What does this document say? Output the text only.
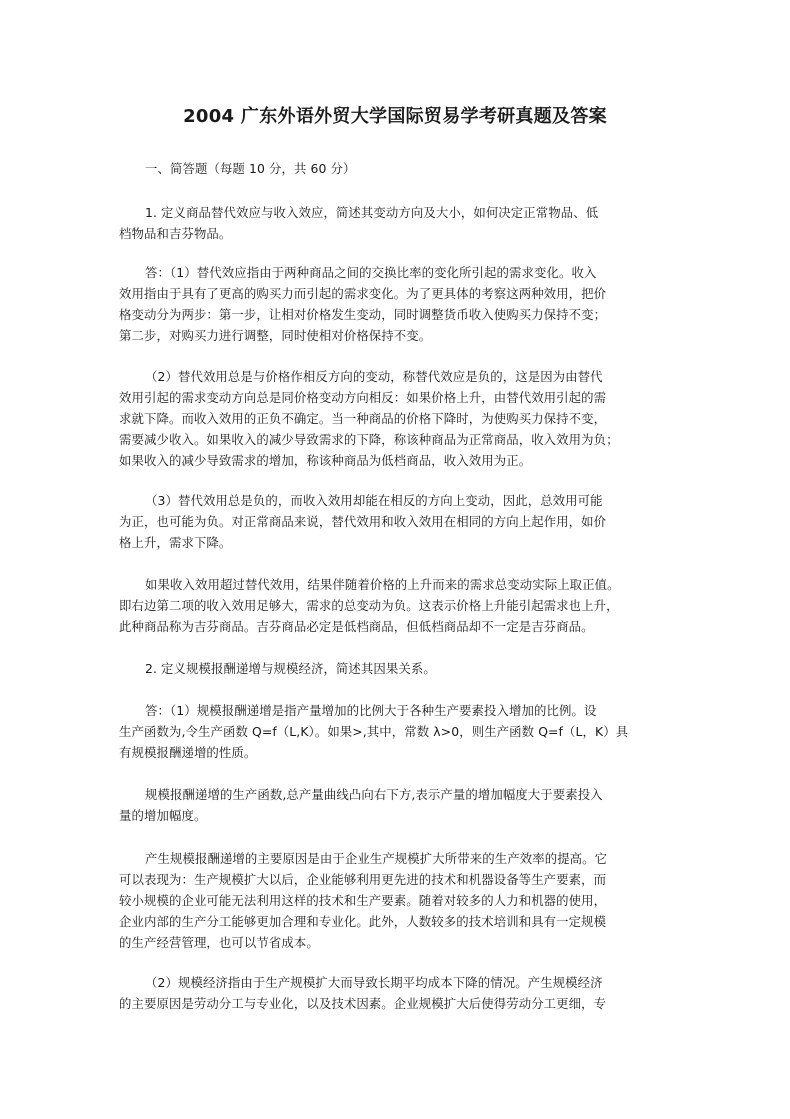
2004 广东外语外贸大学国际贸易学考研真题及答案

一、简答题（每题 10 分，共 60 分）

1. 定义商品替代效应与收入效应，简述其变动方向及大小，如何决定正常物品、低
档物品和吉芬物品。

答：（1）替代效应指由于两种商品之间的交换比率的变化所引起的需求变化。收入
效用指由于具有了更高的购买力而引起的需求变化。为了更具体的考察这两种效用，把价
格变动分为两步：第一步，让相对价格发生变动，同时调整货币收入使购买力保持不变；
第二步，对购买力进行调整，同时使相对价格保持不变。

（2）替代效用总是与价格作相反方向的变动，称替代效应是负的，这是因为由替代
效用引起的需求变动方向总是同价格变动方向相反：如果价格上升，由替代效用引起的需
求就下降。而收入效用的正负不确定。当一种商品的价格下降时，为使购买力保持不变，
需要减少收入。如果收入的减少导致需求的下降，称该种商品为正常商品，收入效用为负；
如果收入的减少导致需求的增加，称该种商品为低档商品，收入效用为正。

（3）替代效用总是负的，而收入效用却能在相反的方向上变动，因此，总效用可能
为正，也可能为负。对正常商品来说，替代效用和收入效用在相同的方向上起作用，如价
格上升，需求下降。

如果收入效用超过替代效用，结果伴随着价格的上升而来的需求总变动实际上取正值。
即右边第二项的收入效用足够大，需求的总变动为负。这表示价格上升能引起需求也上升，
此种商品称为吉芬商品。吉芬商品必定是低档商品，但低档商品却不一定是吉芬商品。

2. 定义规模报酬递增与规模经济，简述其因果关系。

答：（1）规模报酬递增是指产量增加的比例大于各种生产要素投入增加的比例。设
生产函数为,令生产函数 Q=f（L,K）。如果>,其中，常数 λ>0，则生产函数 Q=f（L，K）具
有规模报酬递增的性质。

规模报酬递增的生产函数,总产量曲线凸向右下方,表示产量的增加幅度大于要素投入
量的增加幅度。

产生规模报酬递增的主要原因是由于企业生产规模扩大所带来的生产效率的提高。它
可以表现为：生产规模扩大以后，企业能够利用更先进的技术和机器设备等生产要素，而
较小规模的企业可能无法利用这样的技术和生产要素。随着对较多的人力和机器的使用，
企业内部的生产分工能够更加合理和专业化。此外，人数较多的技术培训和具有一定规模
的生产经营管理，也可以节省成本。

（2）规模经济指由于生产规模扩大而导致长期平均成本下降的情况。产生规模经济
的主要原因是劳动分工与专业化，以及技术因素。企业规模扩大后使得劳动分工更细，专
